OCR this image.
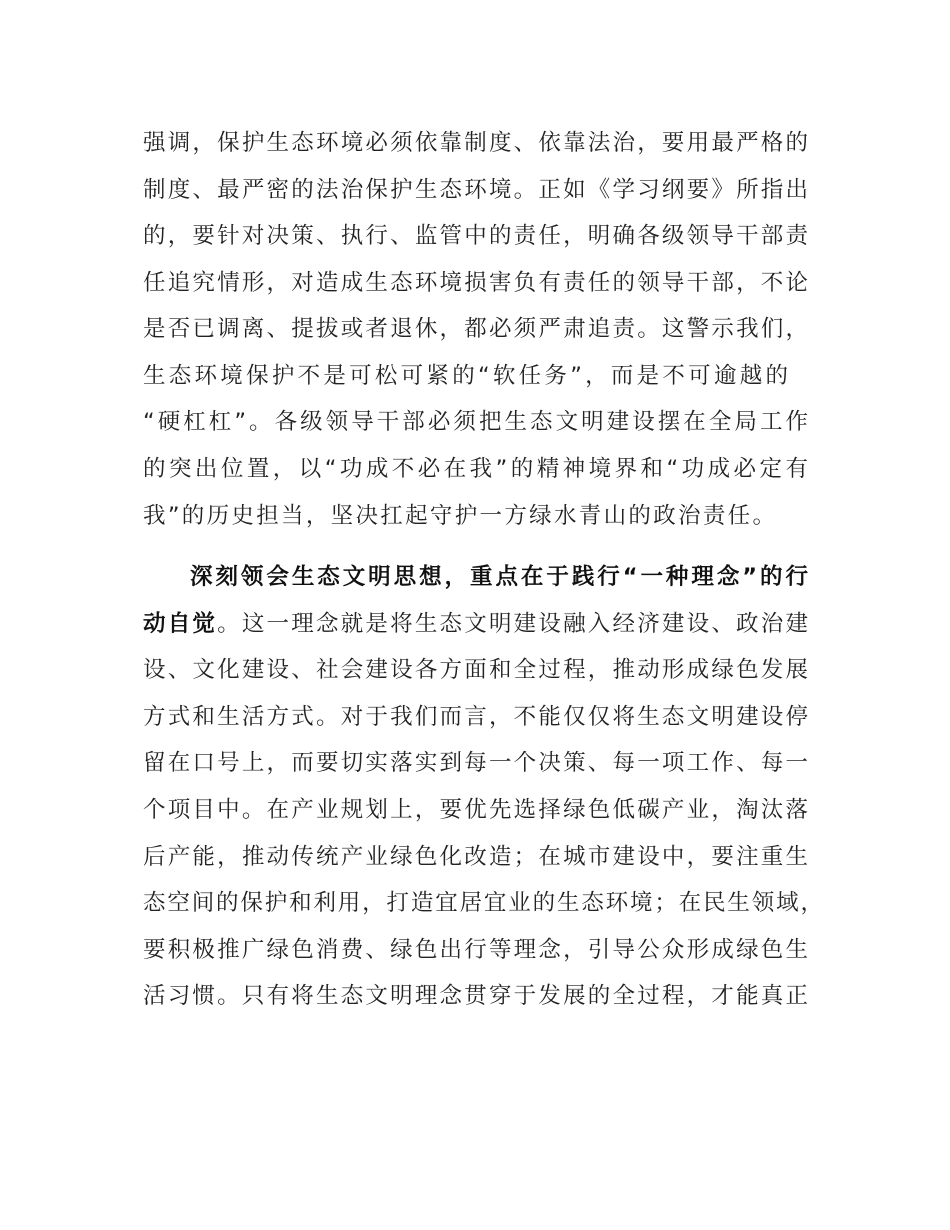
强调，保护生态环境必须依靠制度、依靠法治，要用最严格的
制度、最严密的法治保护生态环境。正如《学习纲要》所指出
的，要针对决策、执行、监管中的责任，明确各级领导干部责
任追究情形，对造成生态环境损害负有责任的领导干部，不论
是否已调离、提拔或者退休，都必须严肃追责。这警示我们，
生态环境保护不是可松可紧的“软任务”，而是不可逾越的
“硬杠杠”。各级领导干部必须把生态文明建设摆在全局工作
的突出位置，以“功成不必在我”的精神境界和“功成必定有
我”的历史担当，坚决扛起守护一方绿水青山的政治责任。
深刻领会生态文明思想，重点在于践行“一种理念”的行
动自觉。这一理念就是将生态文明建设融入经济建设、政治建
设、文化建设、社会建设各方面和全过程，推动形成绿色发展
方式和生活方式。对于我们而言，不能仅仅将生态文明建设停
留在口号上，而要切实落实到每一个决策、每一项工作、每一
个项目中。在产业规划上，要优先选择绿色低碳产业，淘汰落
后产能，推动传统产业绿色化改造；在城市建设中，要注重生
态空间的保护和利用，打造宜居宜业的生态环境；在民生领域，
要积极推广绿色消费、绿色出行等理念，引导公众形成绿色生
活习惯。只有将生态文明理念贯穿于发展的全过程，才能真正
